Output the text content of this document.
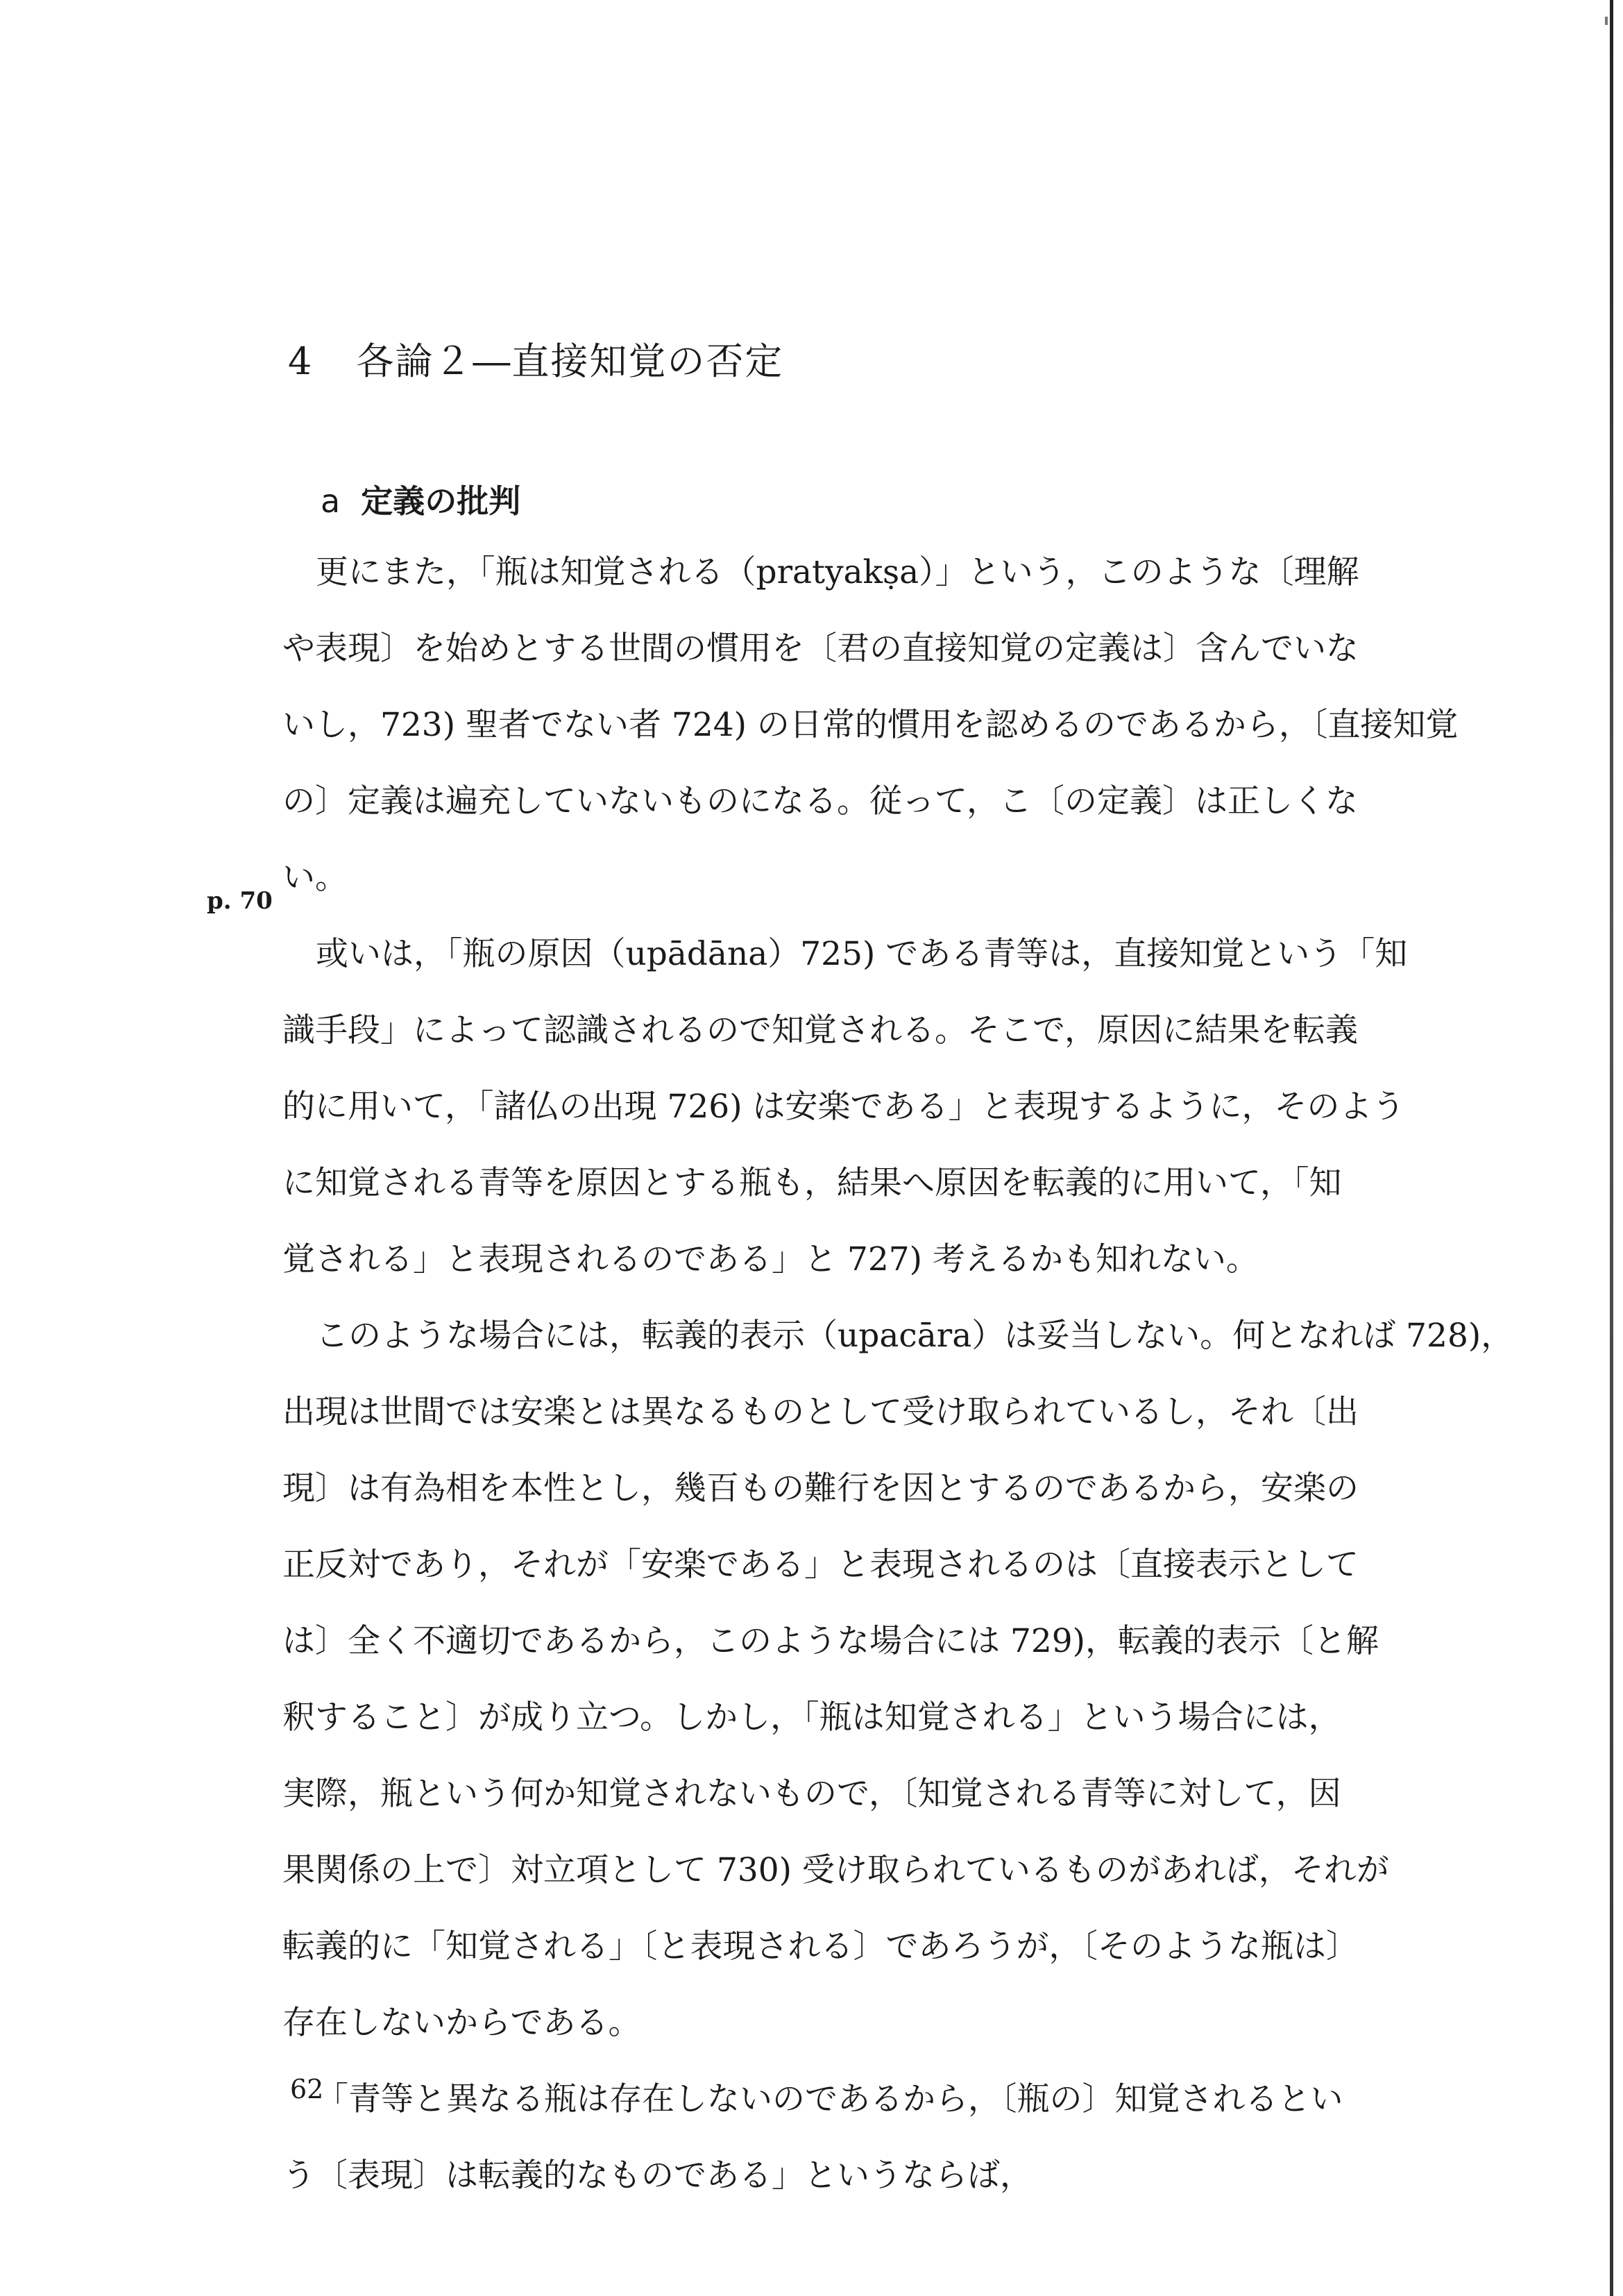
4 各論２―直接知覚の否定
a 定義の批判
p. 70
更にまた，「瓶は知覚される（pratyakṣa）」という，このような〔理解
や表現〕を始めとする世間の慣用を〔君の直接知覚の定義は〕含んでいな
いし，723) 聖者でない者 724) の日常的慣用を認めるのであるから，〔直接知覚
の〕定義は遍充していないものになる。従って，こ〔の定義〕は正しくな
い。
或いは，「瓶の原因（upādāna）725) である青等は，直接知覚という「知
識手段」によって認識されるので知覚される。そこで，原因に結果を転義
的に用いて，「諸仏の出現 726) は安楽である」と表現するように，そのよう
に知覚される青等を原因とする瓶も，結果へ原因を転義的に用いて，「知
覚される」と表現されるのである」と 727) 考えるかも知れない。
このような場合には，転義的表示（upacāra）は妥当しない。何となれば 728)，
出現は世間では安楽とは異なるものとして受け取られているし，それ〔出
現〕は有為相を本性とし，幾百もの難行を因とするのであるから，安楽の
正反対であり，それが「安楽である」と表現されるのは〔直接表示として
は〕全く不適切であるから，このような場合には 729)，転義的表示〔と解
釈すること〕が成り立つ。しかし，「瓶は知覚される」という場合には，
実際，瓶という何か知覚されないもので，〔知覚される青等に対して，因
果関係の上で〕対立項として 730) 受け取られているものがあれば，それが
転義的に「知覚される」〔と表現される〕であろうが，〔そのような瓶は〕
存在しないからである。
「青等と異なる瓶は存在しないのであるから，〔瓶の〕知覚されるとい
う〔表現〕は転義的なものである」というならば，
62
